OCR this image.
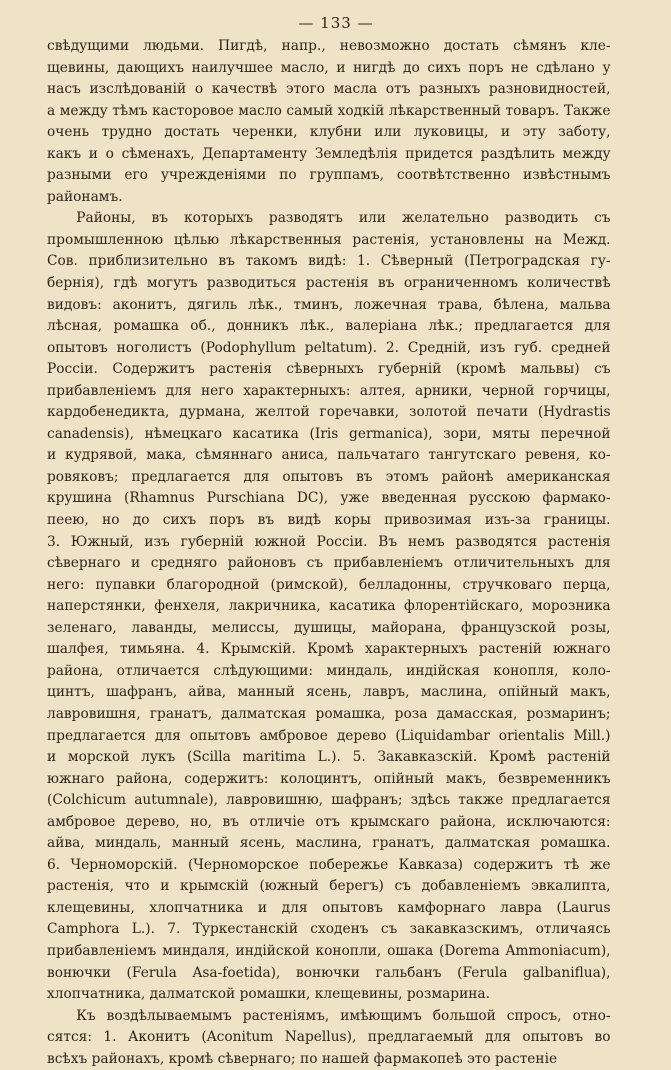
— 133 —
свѣдущими людьми. Пигдѣ, напр., невозможно достать сѣмянъ кле-
щевины, дающихъ наилучшее масло, и нигдѣ до сихъ поръ не сдѣлано у
насъ изслѣдованій о качествѣ этого масла отъ разныхъ разновидностей,
а между тѣмъ касторовое масло самый ходкій лѣкарственный товаръ. Также
очень трудно достать черенки, клубни или луковицы, и эту заботу,
какъ и о сѣменахъ, Департаменту Земледѣлія придется раздѣлить между
разными его учрежденіями по группамъ, соотвѣтственно извѣстнымъ
районамъ.
Районы, въ которыхъ разводятъ или желательно разводить съ
промышленною цѣлью лѣкарственныя растенія, установлены на Межд.
Сов. приблизительно въ такомъ видѣ: 1. Сѣверный (Петроградская гу-
бернія), гдѣ могутъ разводиться растенія въ ограниченномъ количествѣ
видовъ: аконитъ, дягиль лѣк., тминъ, ложечная трава, бѣлена, мальва
лѣсная, ромашка об., донникъ лѣк., валеріана лѣк.; предлагается для
опытовъ ноголистъ (Podophyllum peltatum). 2. Средній, изъ губ. средней
Россіи. Содержитъ растенія сѣверныхъ губерній (кромѣ мальвы) съ
прибавленіемъ для него характерныхъ: алтея, арники, черной горчицы,
кардобенедикта, дурмана, желтой горечавки, золотой печати (Hydrastis
canadensis), нѣмецкаго касатика (Iris germanica), зори, мяты перечной
и кудрявой, мака, сѣмяннаго аниса, пальчатаго тангутскаго ревеня, ко-
ровяковъ; предлагается для опытовъ въ этомъ районѣ американская
крушина (Rhamnus Purschiana DC), уже введенная русскою фармако-
пеею, но до сихъ поръ въ видѣ коры привозимая изъ-за границы.
3. Южный, изъ губерній южной Россіи. Въ немъ разводятся растенія
сѣвернаго и средняго районовъ съ прибавленіемъ отличительныхъ для
него: пупавки благородной (римской), белладонны, стручковаго перца,
наперстянки, фенхеля, лакричника, касатика флорентійскаго, морозника
зеленаго, лаванды, мелиссы, душицы, майорана, французской розы,
шалфея, тимьяна. 4. Крымскій. Кромѣ характерныхъ растеній южнаго
района, отличается слѣдующими: миндаль, индійская конопля, коло-
цинтъ, шафранъ, айва, манный ясень, лавръ, маслина, опійный макъ,
лавровишня, гранатъ, далматская ромашка, роза дамасская, розмаринъ;
предлагается для опытовъ амбровое дерево (Liquidambar orientalis Mill.)
и морской лукъ (Scilla maritima L.). 5. Закавказскій. Кромѣ растеній
южнаго района, содержитъ: колоцинтъ, опійный макъ, безвременникъ
(Colchicum autumnale), лавровишню, шафранъ; здѣсь также предлагается
амбровое дерево, но, въ отличіе отъ крымскаго района, исключаются:
айва, миндаль, манный ясень, маслина, гранатъ, далматская ромашка.
6. Черноморскій. (Черноморское побережье Кавказа) содержитъ тѣ же
растенія, что и крымскій (южный берегъ) съ добавленіемъ эвкалипта,
клещевины, хлопчатника и для опытовъ камфорнаго лавра (Laurus
Camphora L.). 7. Туркестанскій сходенъ съ закавказскимъ, отличаясь
прибавленіемъ миндаля, индійской конопли, ошака (Dorema Ammoniacum),
вонючки (Ferula Asa-foetida), вонючки гальбанъ (Ferula galbaniflua),
хлопчатника, далматской ромашки, клещевины, розмарина.
Къ воздѣлываемымъ растеніямъ, имѣющимъ большой спросъ, отно-
сятся: 1. Аконитъ (Aconitum Napellus), предлагаемый для опытовъ во
всѣхъ районахъ, кромѣ сѣвернаго; по нашей фармакопеѣ это растеніе
